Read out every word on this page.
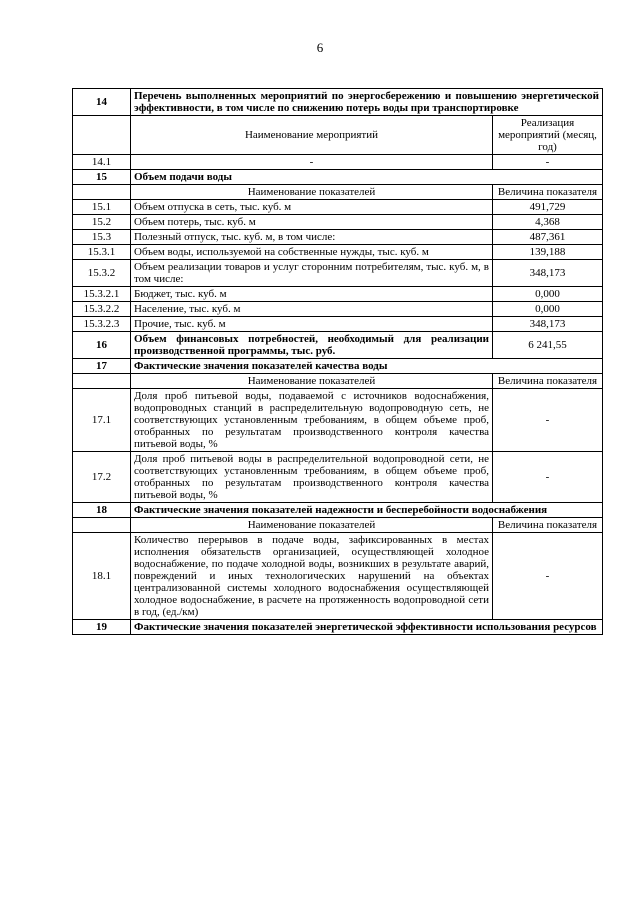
6
14	Перечень выполненных мероприятий по энергосбережению и повышению энергетической эффективности, в том числе по снижению потерь воды при транспортировке	
	Наименование мероприятий	Реализация мероприятий (месяц, год)
14.1	-	-
15	Объем подачи воды	
	Наименование показателей	Величина показателя
15.1	Объем отпуска в сеть, тыс. куб. м	491,729
15.2	Объем потерь, тыс. куб. м	4,368
15.3	Полезный отпуск, тыс. куб. м, в том числе:	487,361
15.3.1	Объем воды, используемой на собственные нужды, тыс. куб. м	139,188
15.3.2	Объем реализации товаров и услуг сторонним потребителям, тыс. куб. м, в том числе:	348,173
15.3.2.1	Бюджет, тыс. куб. м	0,000
15.3.2.2	Население, тыс. куб. м	0,000
15.3.2.3	Прочие, тыс. куб. м	348,173
16	Объем финансовых потребностей, необходимый для реализации производственной программы, тыс. руб.	6 241,55
17	Фактические значения показателей качества воды	
	Наименование показателей	Величина показателя
17.1	Доля проб питьевой воды, подаваемой с источников водоснабжения, водопроводных станций в распределительную водопроводную сеть, не соответствующих установленным требованиям, в общем объеме проб, отобранных по результатам производственного контроля качества питьевой воды, %	-
17.2	Доля проб питьевой воды в распределительной водопроводной сети, не соответствующих установленным требованиям, в общем объеме проб, отобранных по результатам производственного контроля качества питьевой воды, %	-
18	Фактические значения показателей надежности и бесперебойности водоснабжения	
	Наименование показателей	Величина показателя
18.1	Количество перерывов в подаче воды, зафиксированных в местах исполнения обязательств организацией, осуществляющей холодное водоснабжение, по подаче холодной воды, возникших в результате аварий, повреждений и иных технологических нарушений на объектах централизованной системы холодного водоснабжения осуществляющей холодное водоснабжение, в расчете на протяженность водопроводной сети в год, (ед./км)	-
19	Фактические значения показателей энергетической эффективности использования ресурсов	
